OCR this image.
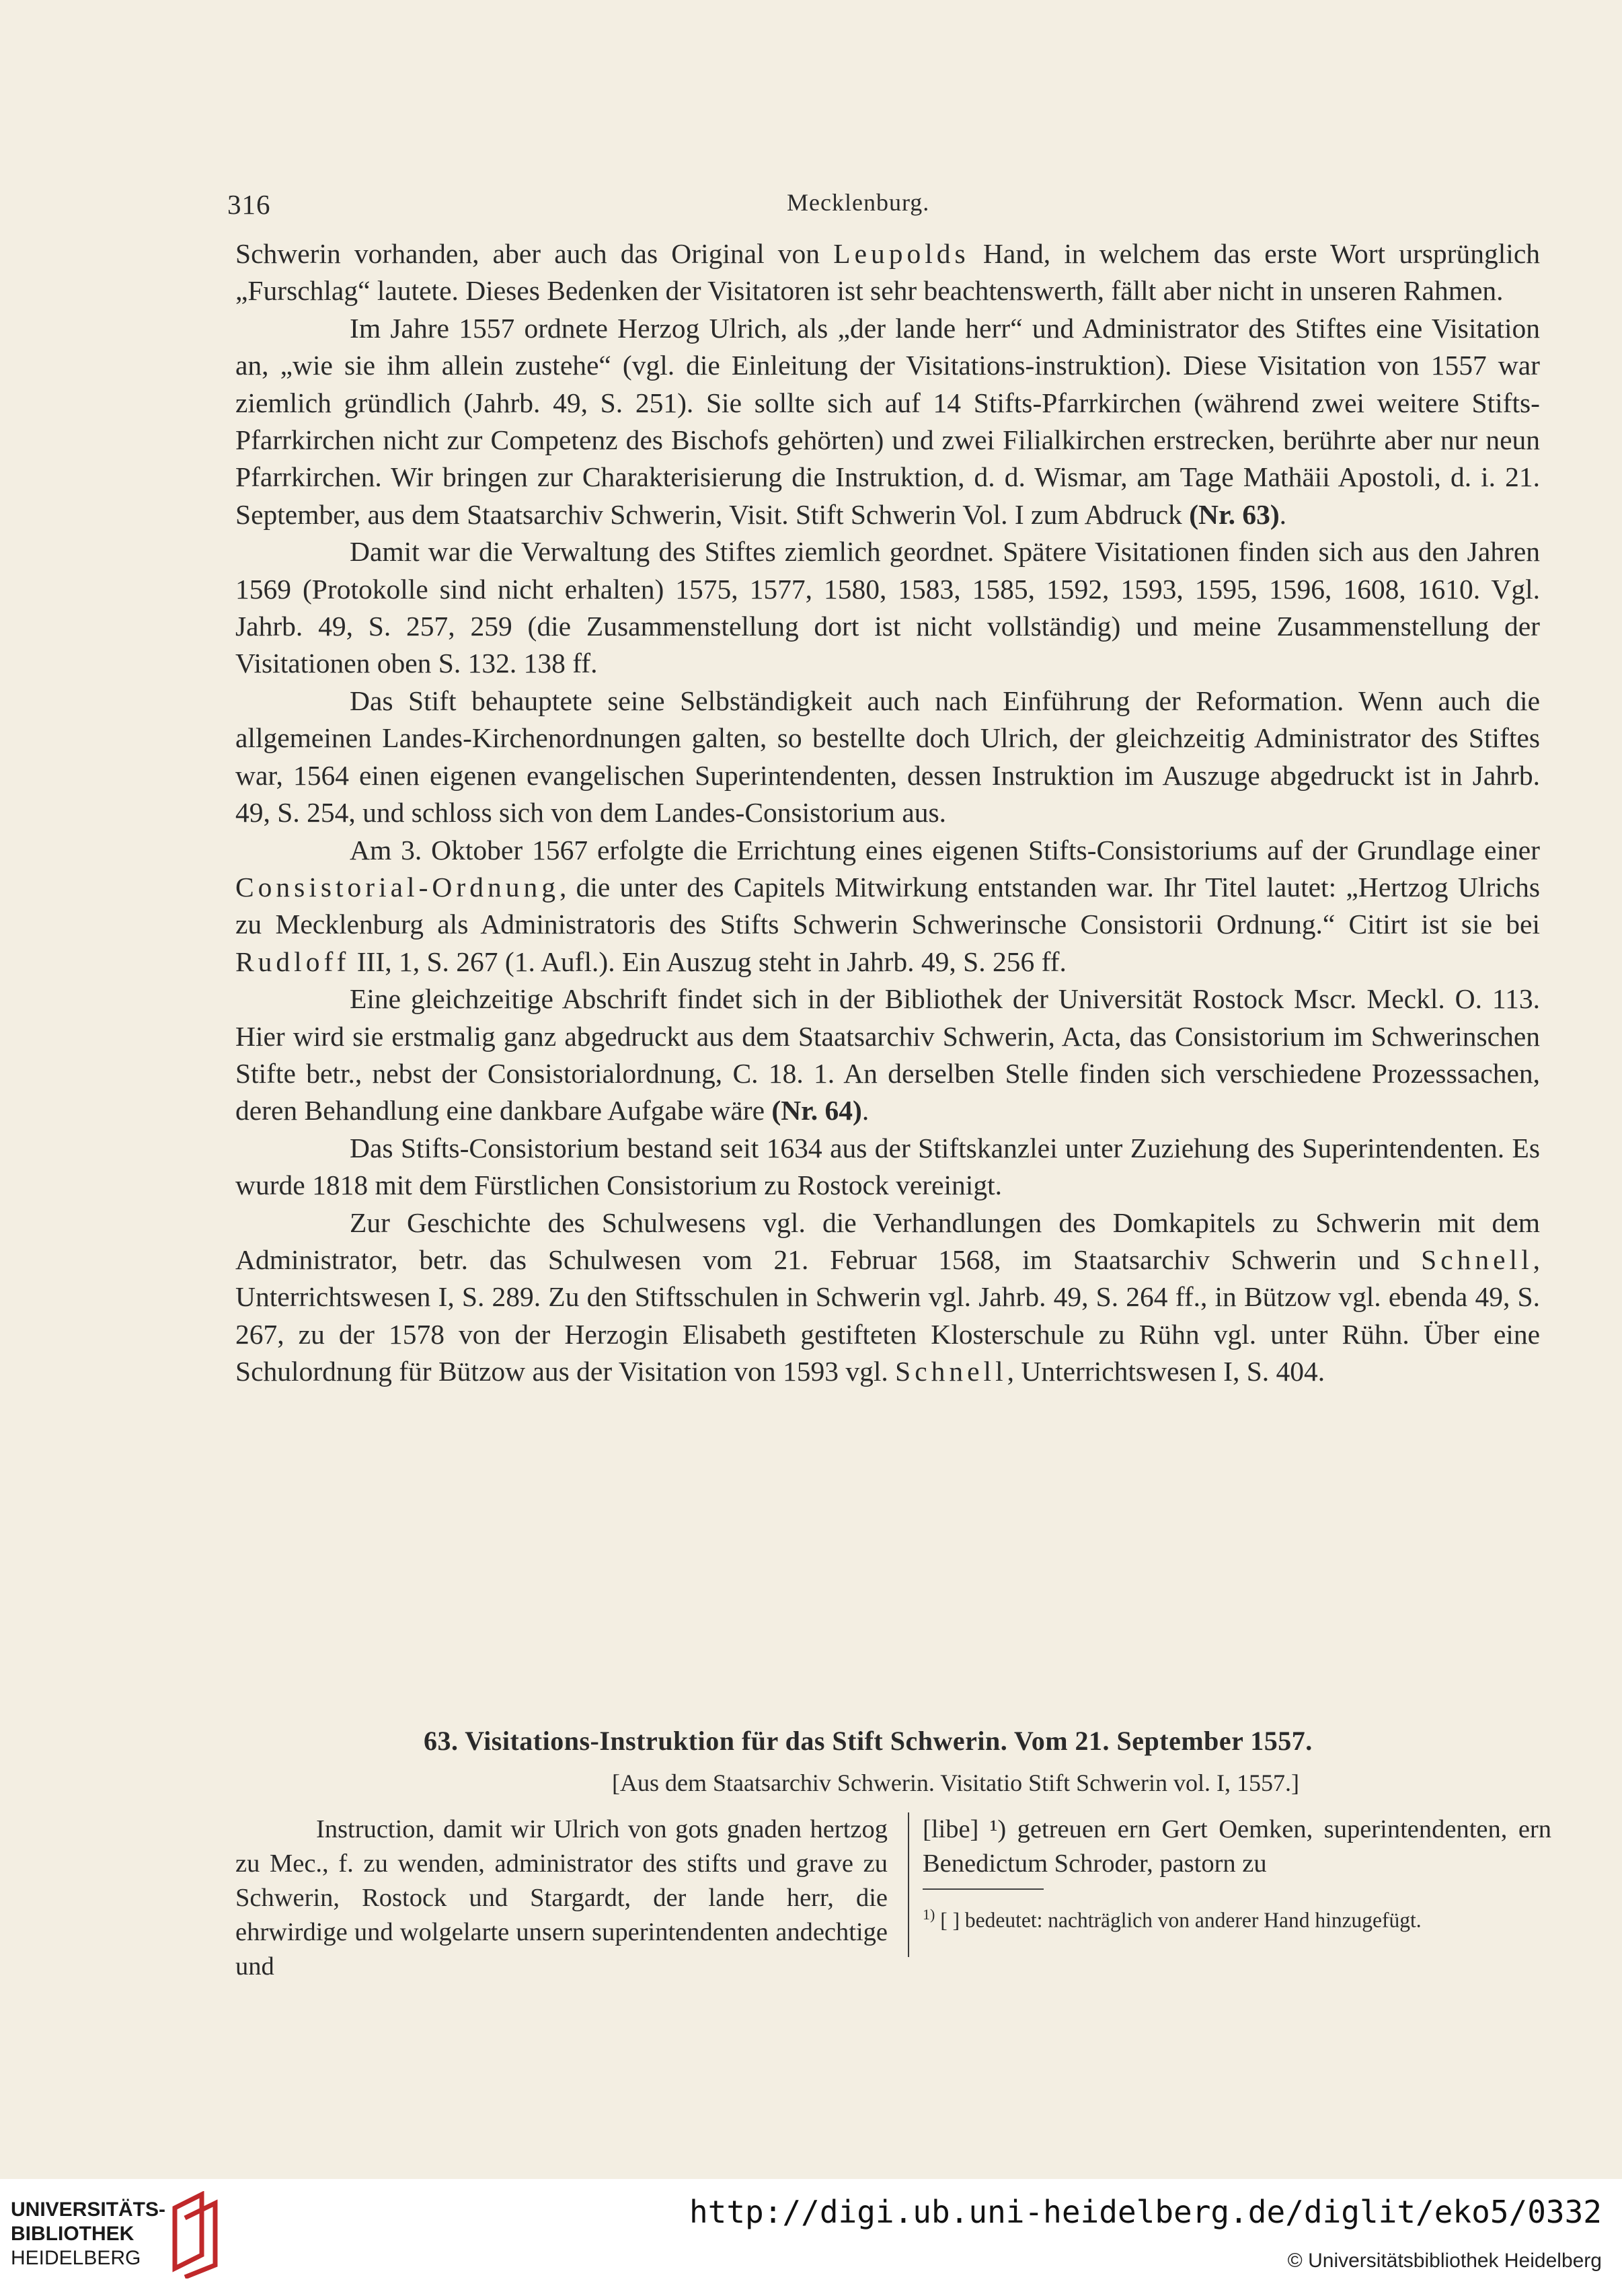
316	Mecklenburg.

Schwerin vorhanden, aber auch das Original von Leupolds Hand, in welchem das erste Wort ursprünglich „Furschlag“ lautete. Dieses Bedenken der Visitatoren ist sehr beachtenswerth, fällt aber nicht in unseren Rahmen.

Im Jahre 1557 ordnete Herzog Ulrich, als „der lande herr“ und Administrator des Stiftes eine Visitation an, „wie sie ihm allein zustehe“ (vgl. die Einleitung der Visitations-instruktion). Diese Visitation von 1557 war ziemlich gründlich (Jahrb. 49, S. 251). Sie sollte sich auf 14 Stifts-Pfarrkirchen (während zwei weitere Stifts-Pfarrkirchen nicht zur Competenz des Bischofs gehörten) und zwei Filialkirchen erstrecken, berührte aber nur neun Pfarrkirchen. Wir bringen zur Charakterisierung die Instruktion, d. d. Wismar, am Tage Mathäii Apostoli, d. i. 21. September, aus dem Staatsarchiv Schwerin, Visit. Stift Schwerin Vol. I zum Abdruck (Nr. 63).

Damit war die Verwaltung des Stiftes ziemlich geordnet. Spätere Visitationen finden sich aus den Jahren 1569 (Protokolle sind nicht erhalten) 1575, 1577, 1580, 1583, 1585, 1592, 1593, 1595, 1596, 1608, 1610. Vgl. Jahrb. 49, S. 257, 259 (die Zusammenstellung dort ist nicht vollständig) und meine Zusammenstellung der Visitationen oben S. 132. 138 ff.

Das Stift behauptete seine Selbständigkeit auch nach Einführung der Reformation. Wenn auch die allgemeinen Landes-Kirchenordnungen galten, so bestellte doch Ulrich, der gleichzeitig Administrator des Stiftes war, 1564 einen eigenen evangelischen Superintendenten, dessen Instruktion im Auszuge abgedruckt ist in Jahrb. 49, S. 254, und schloss sich von dem Landes-Consistorium aus.

Am 3. Oktober 1567 erfolgte die Errichtung eines eigenen Stifts-Consistoriums auf der Grundlage einer Consistorial-Ordnung, die unter des Capitels Mitwirkung entstanden war. Ihr Titel lautet: „Hertzog Ulrichs zu Mecklenburg als Administratoris des Stifts Schwerin Schwerinsche Consistorii Ordnung.“ Citirt ist sie bei Rudloff III, 1, S. 267 (1. Aufl.). Ein Auszug steht in Jahrb. 49, S. 256 ff.

Eine gleichzeitige Abschrift findet sich in der Bibliothek der Universität Rostock Mscr. Meckl. O. 113. Hier wird sie erstmalig ganz abgedruckt aus dem Staatsarchiv Schwerin, Acta, das Consistorium im Schwerinschen Stifte betr., nebst der Consistorialordnung, C. 18. 1. An derselben Stelle finden sich verschiedene Prozesssachen, deren Behandlung eine dankbare Aufgabe wäre (Nr. 64).

Das Stifts-Consistorium bestand seit 1634 aus der Stiftskanzlei unter Zuziehung des Superintendenten. Es wurde 1818 mit dem Fürstlichen Consistorium zu Rostock vereinigt.

Zur Geschichte des Schulwesens vgl. die Verhandlungen des Domkapitels zu Schwerin mit dem Administrator, betr. das Schulwesen vom 21. Februar 1568, im Staatsarchiv Schwerin und Schnell, Unterrichtswesen I, S. 289. Zu den Stiftsschulen in Schwerin vgl. Jahrb. 49, S. 264 ff., in Bützow vgl. ebenda 49, S. 267, zu der 1578 von der Herzogin Elisabeth gestifteten Klosterschule zu Rühn vgl. unter Rühn. Über eine Schulordnung für Bützow aus der Visitation von 1593 vgl. Schnell, Unterrichtswesen I, S. 404.

63. Visitations-Instruktion für das Stift Schwerin. Vom 21. September 1557.
[Aus dem Staatsarchiv Schwerin. Visitatio Stift Schwerin vol. I, 1557.]
Instruction, damit wir Ulrich von gots gnaden hertzog zu Mec., f. zu wenden, administrator des stifts und grave zu Schwerin, Rostock und Stargardt, der lande herr, die ehrwirdige und wolgelarte unsern superintendenten andechtige und
[libe] ¹) getreuen ern Gert Oemken, superintendenten, ern Benedictum Schroder, pastorn zu
$^{1)}$ [ ] bedeutet: nachträglich von anderer Hand hinzugefügt.
UNIVERSITÄTS-
BIBLIOTHEK
HEIDELBERG
http://digi.ub.uni-heidelberg.de/diglit/eko5/0332
© Universitätsbibliothek Heidelberg
